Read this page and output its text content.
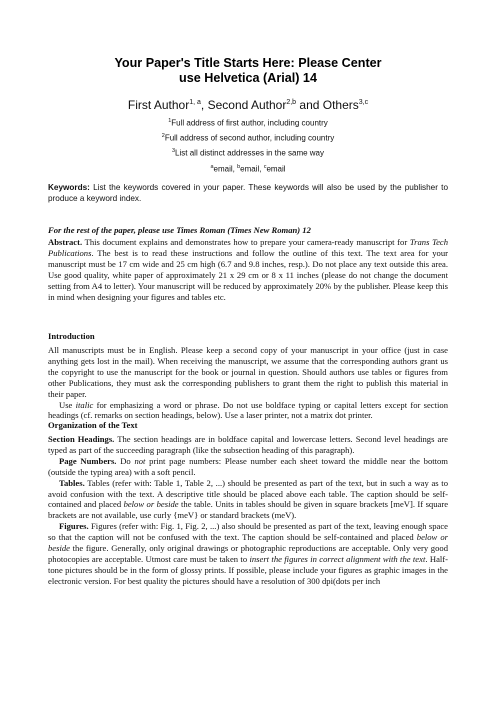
Your Paper's Title Starts Here: Please Center
use Helvetica (Arial) 14
First Author$^{1, a}$, Second Author$^{2,b}$ and Others$^{3,c}$
$^1$Full address of first author, including country
$^2$Full address of second author, including country
$^3$List all distinct addresses in the same way
$^a$email, $^b$email, $^c$email
Keywords: List the keywords covered in your paper. These keywords will also be used by the publisher to produce a keyword index.
For the rest of the paper, please use Times Roman (Times New Roman) 12

Abstract. This document explains and demonstrates how to prepare your camera-ready manuscript for Trans Tech Publications. The best is to read these instructions and follow the outline of this text. The text area for your manuscript must be 17 cm wide and 25 cm high (6.7 and 9.8 inches, resp.). Do not place any text outside this area. Use good quality, white paper of approximately 21 x 29 cm or 8 x 11 inches (please do not change the document setting from A4 to letter). Your manuscript will be reduced by approximately 20% by the publisher. Please keep this in mind when designing your figures and tables etc.

Introduction

All manuscripts must be in English. Please keep a second copy of your manuscript in your office (just in case anything gets lost in the mail). When receiving the manuscript, we assume that the corresponding authors grant us the copyright to use the manuscript for the book or journal in question. Should authors use tables or figures from other Publications, they must ask the corresponding publishers to grant them the right to publish this material in their paper.

Use italic for emphasizing a word or phrase. Do not use boldface typing or capital letters except for section headings (cf. remarks on section headings, below). Use a laser printer, not a matrix dot printer.

Organization of the Text

Section Headings. The section headings are in boldface capital and lowercase letters. Second level headings are typed as part of the succeeding paragraph (like the subsection heading of this paragraph).

Page Numbers. Do not print page numbers: Please number each sheet toward the middle near the bottom (outside the typing area) with a soft pencil.

Tables. Tables (refer with: Table 1, Table 2, ...) should be presented as part of the text, but in such a way as to avoid confusion with the text. A descriptive title should be placed above each table. The caption should be self-contained and placed below or beside the table. Units in tables should be given in square brackets [meV]. If square brackets are not available, use curly {meV} or standard brackets (meV).

Figures. Figures (refer with: Fig. 1, Fig. 2, ...) also should be presented as part of the text, leaving enough space so that the caption will not be confused with the text. The caption should be self-contained and placed below or beside the figure. Generally, only original drawings or photographic reproductions are acceptable. Only very good photocopies are acceptable. Utmost care must be taken to insert the figures in correct alignment with the text. Half-tone pictures should be in the form of glossy prints. If possible, please include your figures as graphic images in the electronic version. For best quality the pictures should have a resolution of 300 dpi(dots per inch
